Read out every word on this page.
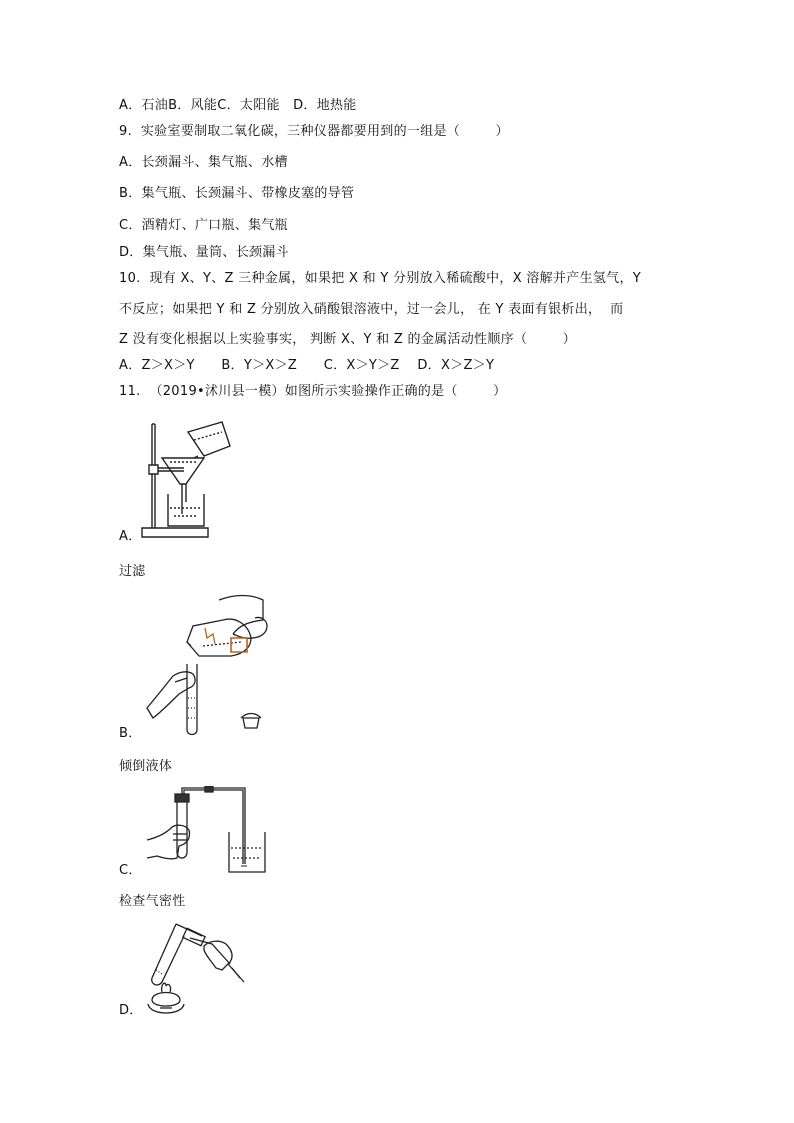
A．石油B．风能C．太阳能   D．地热能
9.  实验室要制取二氧化碳，三种仪器都要用到的一组是（        ）
A．长颈漏斗、集气瓶、水槽
B．集气瓶、长颈漏斗、带橡皮塞的导管
C．酒精灯、广口瓶、集气瓶
D．集气瓶、量筒、长颈漏斗
10.  现有 X、Y、Z 三种金属，如果把 X 和 Y 分别放入稀硫酸中，X 溶解并产生氢气，Y
不反应；如果把 Y 和 Z 分别放入硝酸银溶液中，过一会儿， 在 Y 表面有银析出，  而
Z 没有变化根据以上实验事实， 判断 X、Y 和 Z 的金属活动性顺序（        ）
A．Z＞X＞Y      B．Y＞X＞Z      C．X＞Y＞Z    D．X＞Z＞Y
11.  （2019•沭川县一模）如图所示实验操作正确的是（        ）
A．
过滤
B．
倾倒液体
C．
检查气密性
D．
